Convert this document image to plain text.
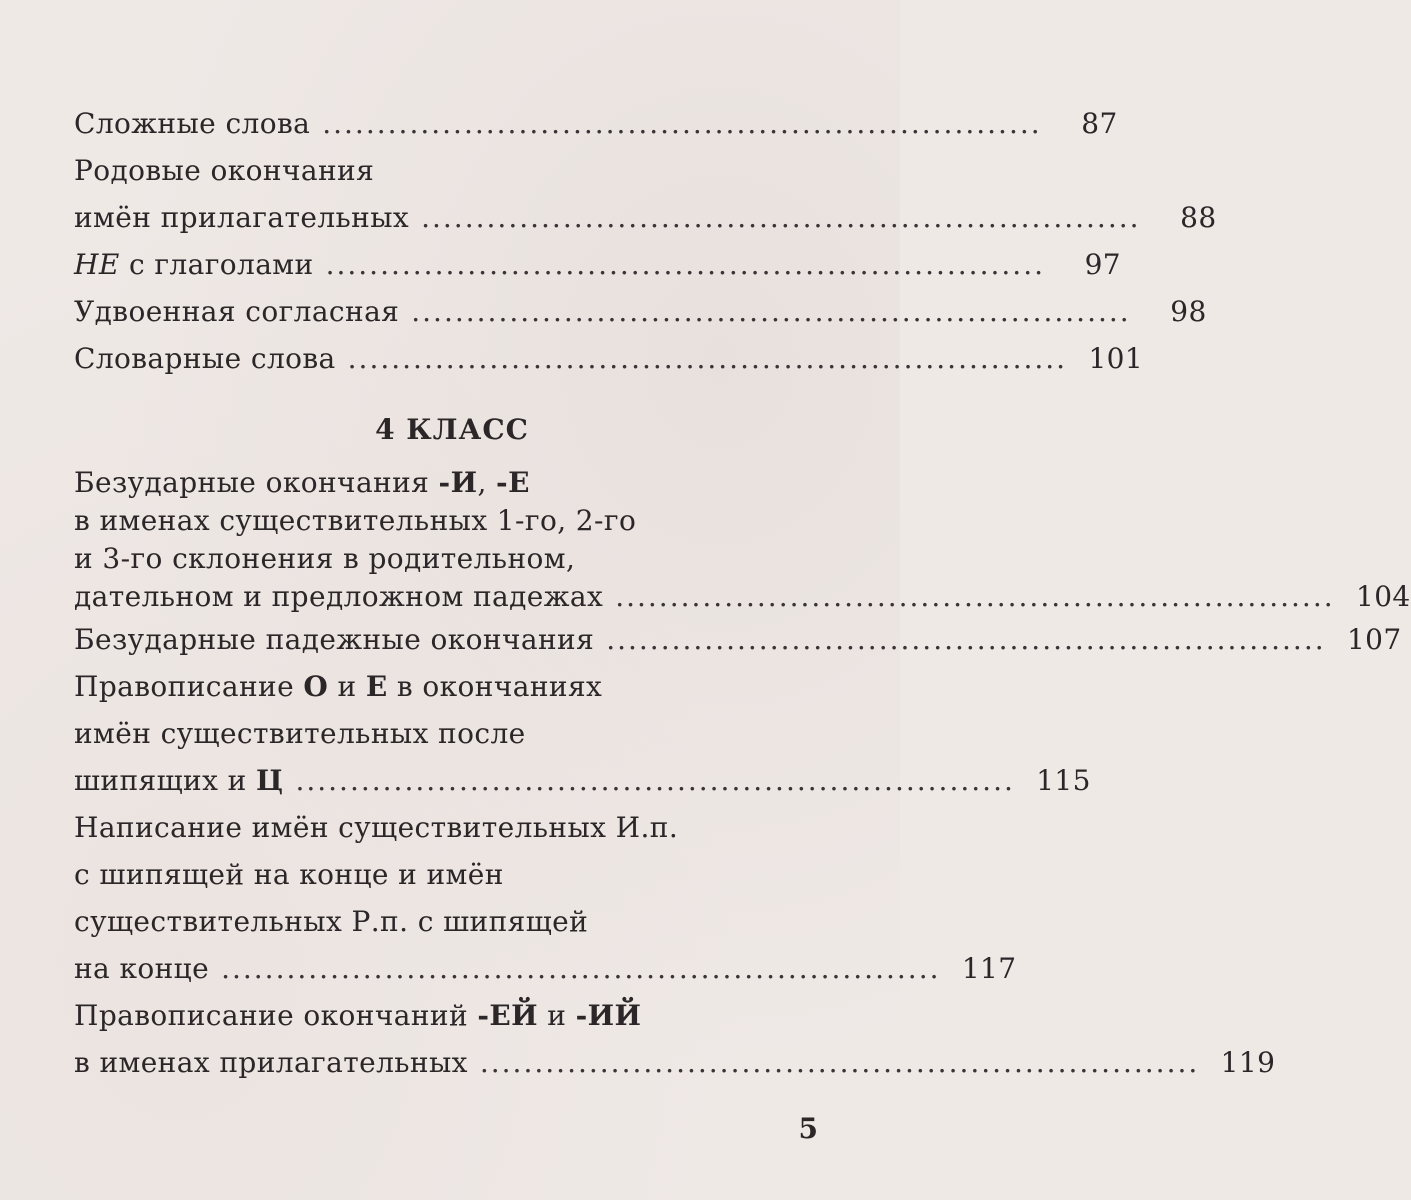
Сложные слова ..................................................................	87
Родовые окончания
имён прилагательных ..................................................................	88
НЕ с глаголами ..................................................................	97
Удвоенная согласная ..................................................................	98
Словарные слова .................................................................. 101
4 КЛАСС
Безударные окончания -И, -Е
в именах существительных 1-го, 2-го
и 3-го склонения в родительном,
дательном и предложном падежах .................................................................. 104
Безударные падежные окончания .................................................................. 107
Правописание О и Е в окончаниях
имён существительных после
шипящих и Ц .................................................................. 115
Написание имён существительных И.п.
с шипящей на конце и имён
существительных Р.п. с шипящей
на конце .................................................................. 117
Правописание окончаний -ЕЙ и -ИЙ
в именах прилагательных .................................................................. 119
5
